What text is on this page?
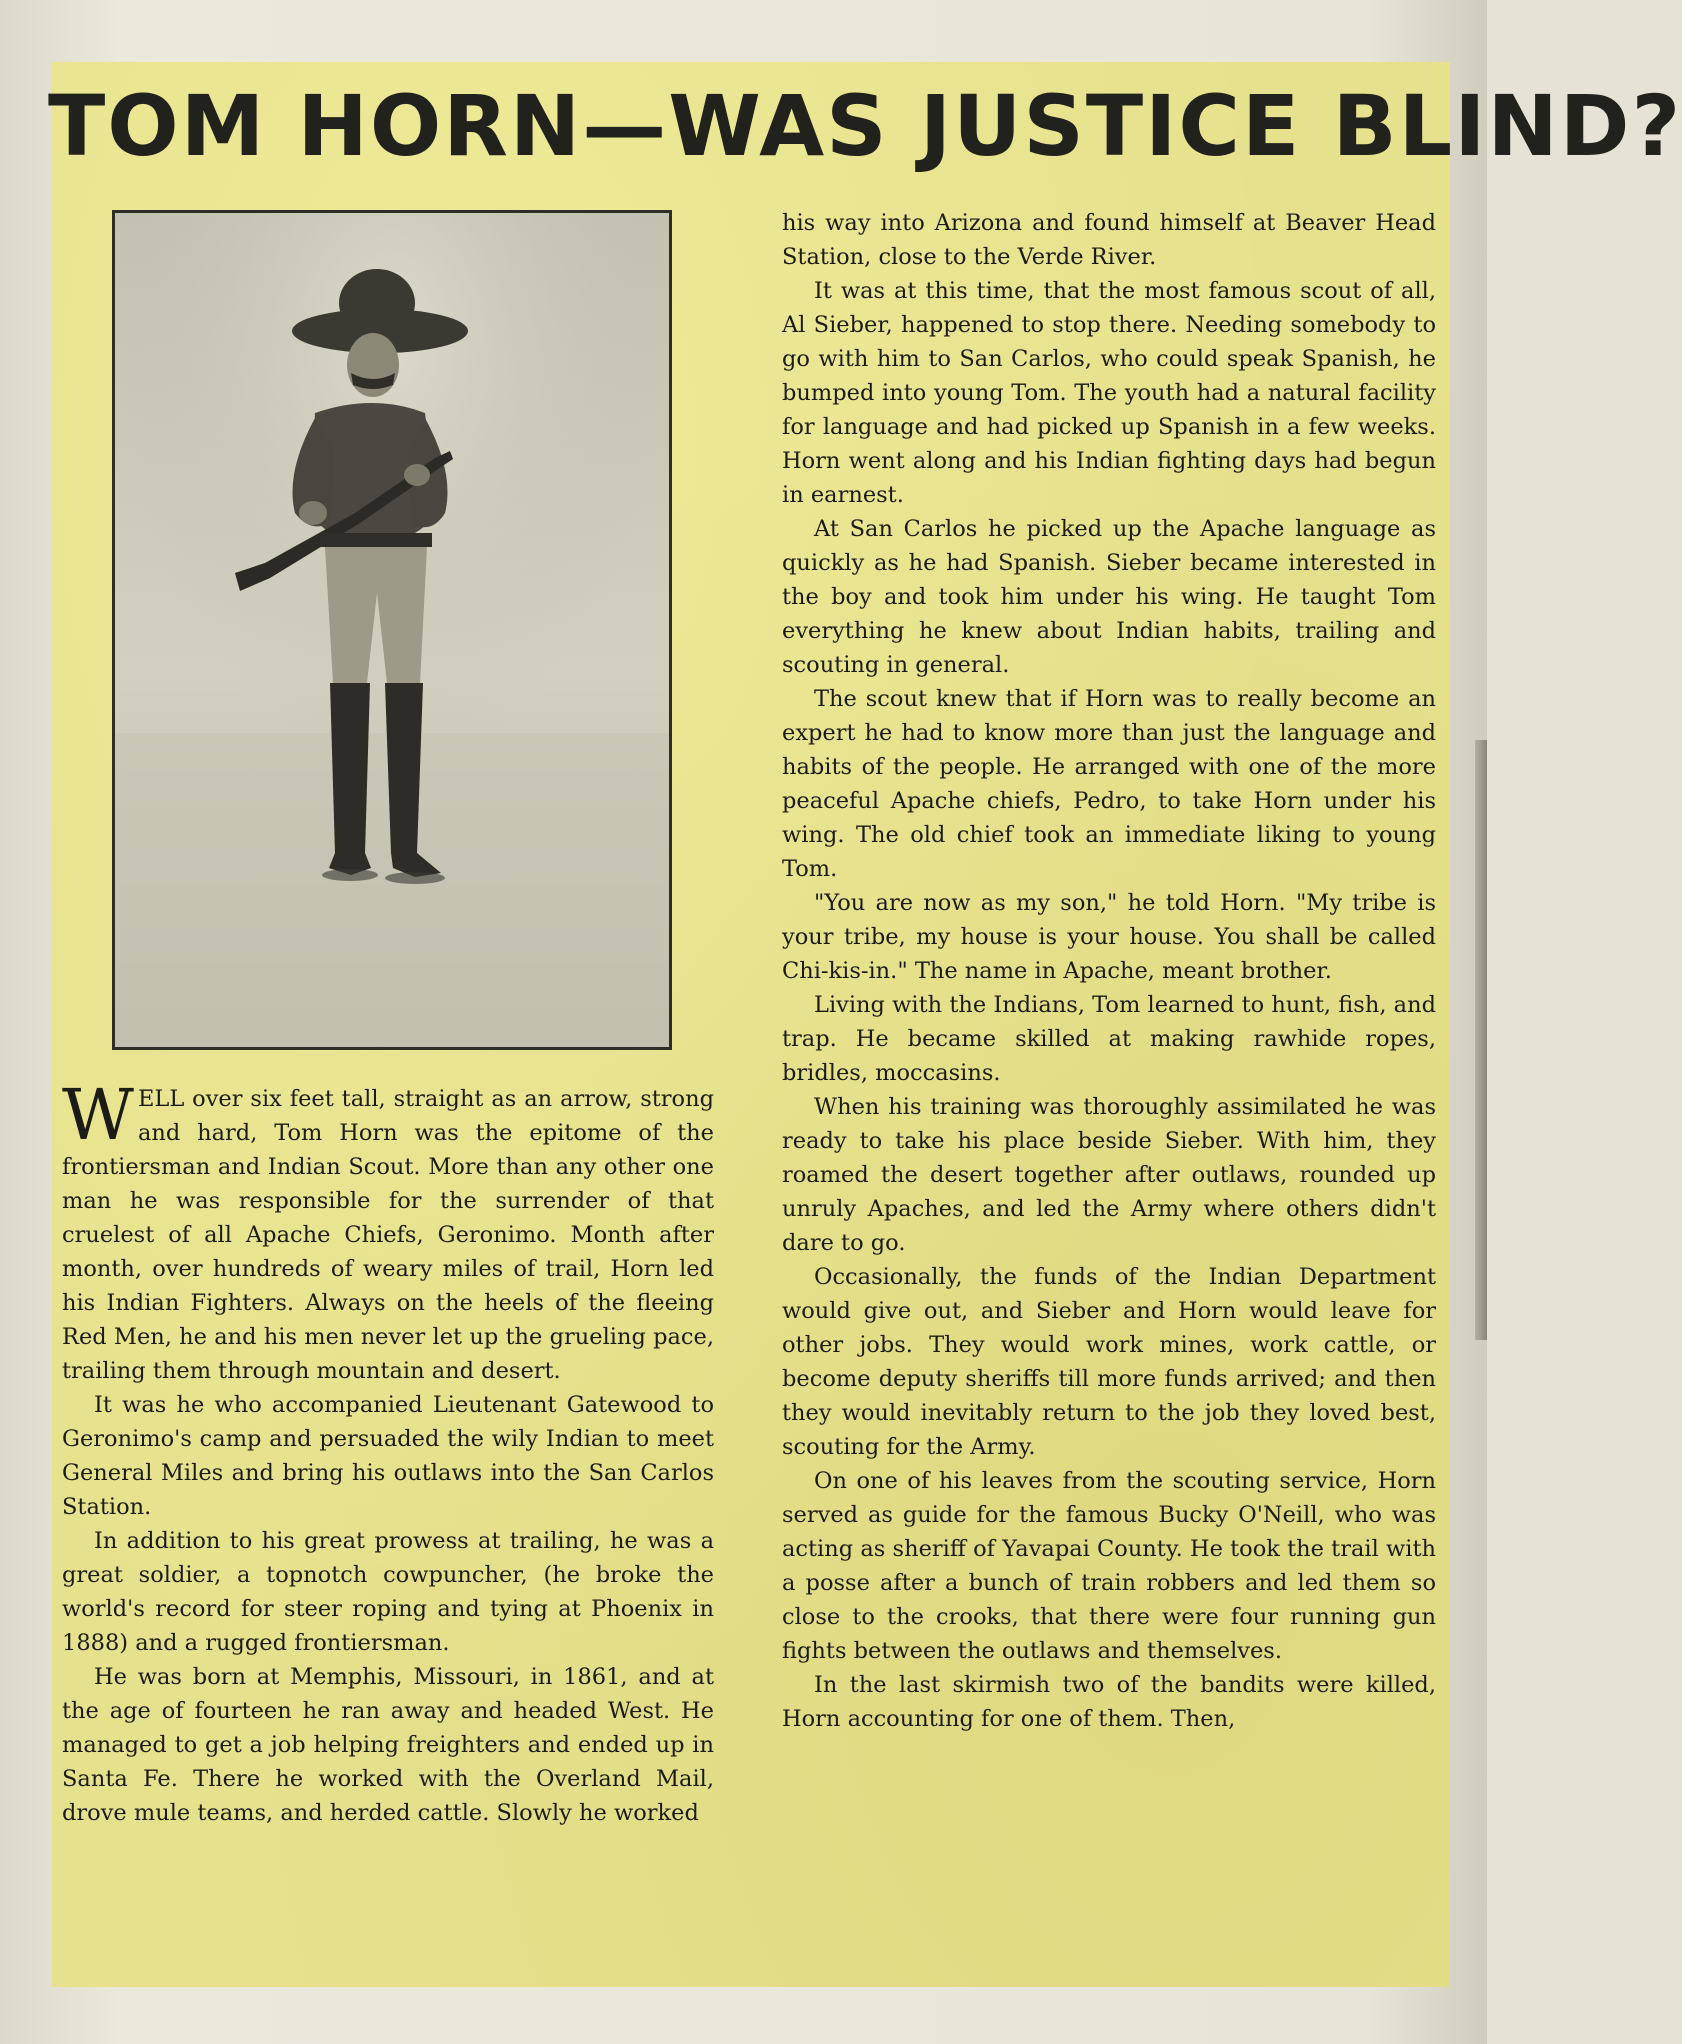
TOM HORN—WAS JUSTICE BLIND?

WELL over six feet tall, straight as an arrow, strong and hard, Tom Horn was the epitome of the frontiersman and Indian Scout. More than any other one man he was responsible for the surrender of that cruelest of all Apache Chiefs, Geronimo. Month after month, over hundreds of weary miles of trail, Horn led his Indian Fighters. Always on the heels of the fleeing Red Men, he and his men never let up the grueling pace, trailing them through mountain and desert.

It was he who accompanied Lieutenant Gatewood to Geronimo's camp and persuaded the wily Indian to meet General Miles and bring his outlaws into the San Carlos Station.

In addition to his great prowess at trailing, he was a great soldier, a topnotch cowpuncher, (he broke the world's record for steer roping and tying at Phoenix in 1888) and a rugged frontiersman.

He was born at Memphis, Missouri, in 1861, and at the age of fourteen he ran away and headed West. He managed to get a job helping freighters and ended up in Santa Fe. There he worked with the Overland Mail, drove mule teams, and herded cattle. Slowly he worked

his way into Arizona and found himself at Beaver Head Station, close to the Verde River.

It was at this time, that the most famous scout of all, Al Sieber, happened to stop there. Needing somebody to go with him to San Carlos, who could speak Spanish, he bumped into young Tom. The youth had a natural facility for language and had picked up Spanish in a few weeks. Horn went along and his Indian fighting days had begun in earnest.

At San Carlos he picked up the Apache language as quickly as he had Spanish. Sieber became interested in the boy and took him under his wing. He taught Tom everything he knew about Indian habits, trailing and scouting in general.

The scout knew that if Horn was to really become an expert he had to know more than just the language and habits of the people. He arranged with one of the more peaceful Apache chiefs, Pedro, to take Horn under his wing. The old chief took an immediate liking to young Tom.

"You are now as my son," he told Horn. "My tribe is your tribe, my house is your house. You shall be called Chi-kis-in." The name in Apache, meant brother.

Living with the Indians, Tom learned to hunt, fish, and trap. He became skilled at making rawhide ropes, bridles, moccasins.

When his training was thoroughly assimilated he was ready to take his place beside Sieber. With him, they roamed the desert together after outlaws, rounded up unruly Apaches, and led the Army where others didn't dare to go.

Occasionally, the funds of the Indian Department would give out, and Sieber and Horn would leave for other jobs. They would work mines, work cattle, or become deputy sheriffs till more funds arrived; and then they would inevitably return to the job they loved best, scouting for the Army.

On one of his leaves from the scouting service, Horn served as guide for the famous Bucky O'Neill, who was acting as sheriff of Yavapai County. He took the trail with a posse after a bunch of train robbers and led them so close to the crooks, that there were four running gun fights between the outlaws and themselves.

In the last skirmish two of the bandits were killed, Horn accounting for one of them. Then,
